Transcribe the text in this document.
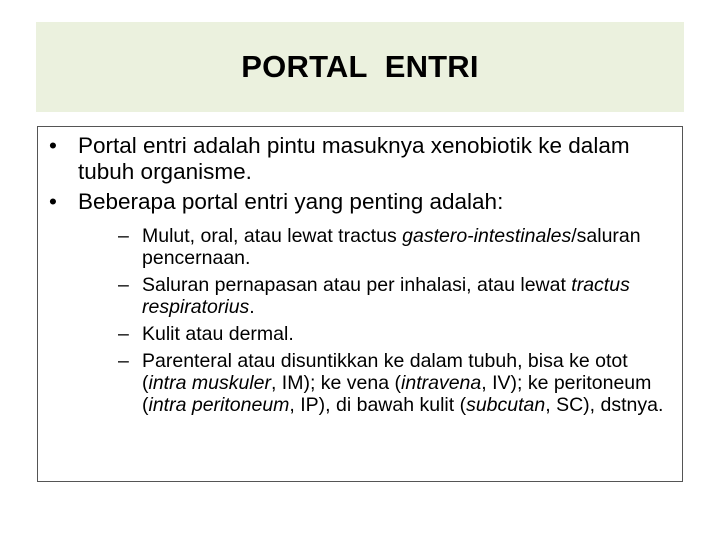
PORTAL  ENTRI
• Portal entri adalah pintu masuknya xenobiotik ke dalam tubuh organisme.
• Beberapa portal entri yang penting adalah:
– Mulut, oral, atau lewat tractus gastero-intestinales/saluran pencernaan.
– Saluran pernapasan atau per inhalasi, atau lewat tractus respiratorius.
– Kulit atau dermal.
– Parenteral atau disuntikkan ke dalam tubuh, bisa ke otot (intra muskuler, IM); ke vena (intravena, IV); ke peritoneum (intra peritoneum, IP), di bawah kulit (subcutan, SC), dstnya.
